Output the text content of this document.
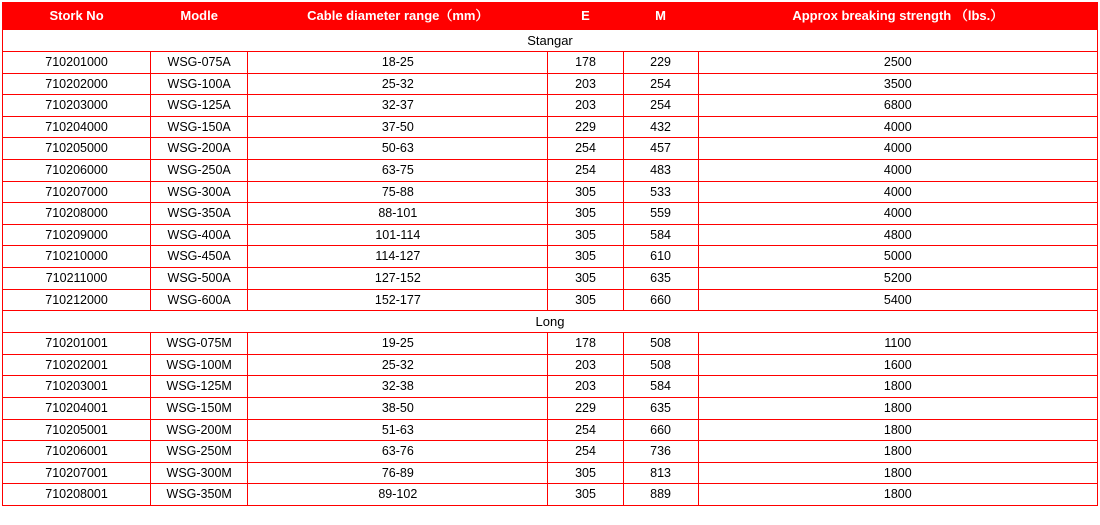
Stork No	Modle	Cable diameter range（mm）	E	M	Approx breaking strength （lbs.）
Stangar					
710201000	WSG-075A	18-25	178	229	2500
710202000	WSG-100A	25-32	203	254	3500
710203000	WSG-125A	32-37	203	254	6800
710204000	WSG-150A	37-50	229	432	4000
710205000	WSG-200A	50-63	254	457	4000
710206000	WSG-250A	63-75	254	483	4000
710207000	WSG-300A	75-88	305	533	4000
710208000	WSG-350A	88-101	305	559	4000
710209000	WSG-400A	101-114	305	584	4800
710210000	WSG-450A	114-127	305	610	5000
710211000	WSG-500A	127-152	305	635	5200
710212000	WSG-600A	152-177	305	660	5400
Long					
710201001	WSG-075M	19-25	178	508	1100
710202001	WSG-100M	25-32	203	508	1600
710203001	WSG-125M	32-38	203	584	1800
710204001	WSG-150M	38-50	229	635	1800
710205001	WSG-200M	51-63	254	660	1800
710206001	WSG-250M	63-76	254	736	1800
710207001	WSG-300M	76-89	305	813	1800
710208001	WSG-350M	89-102	305	889	1800
